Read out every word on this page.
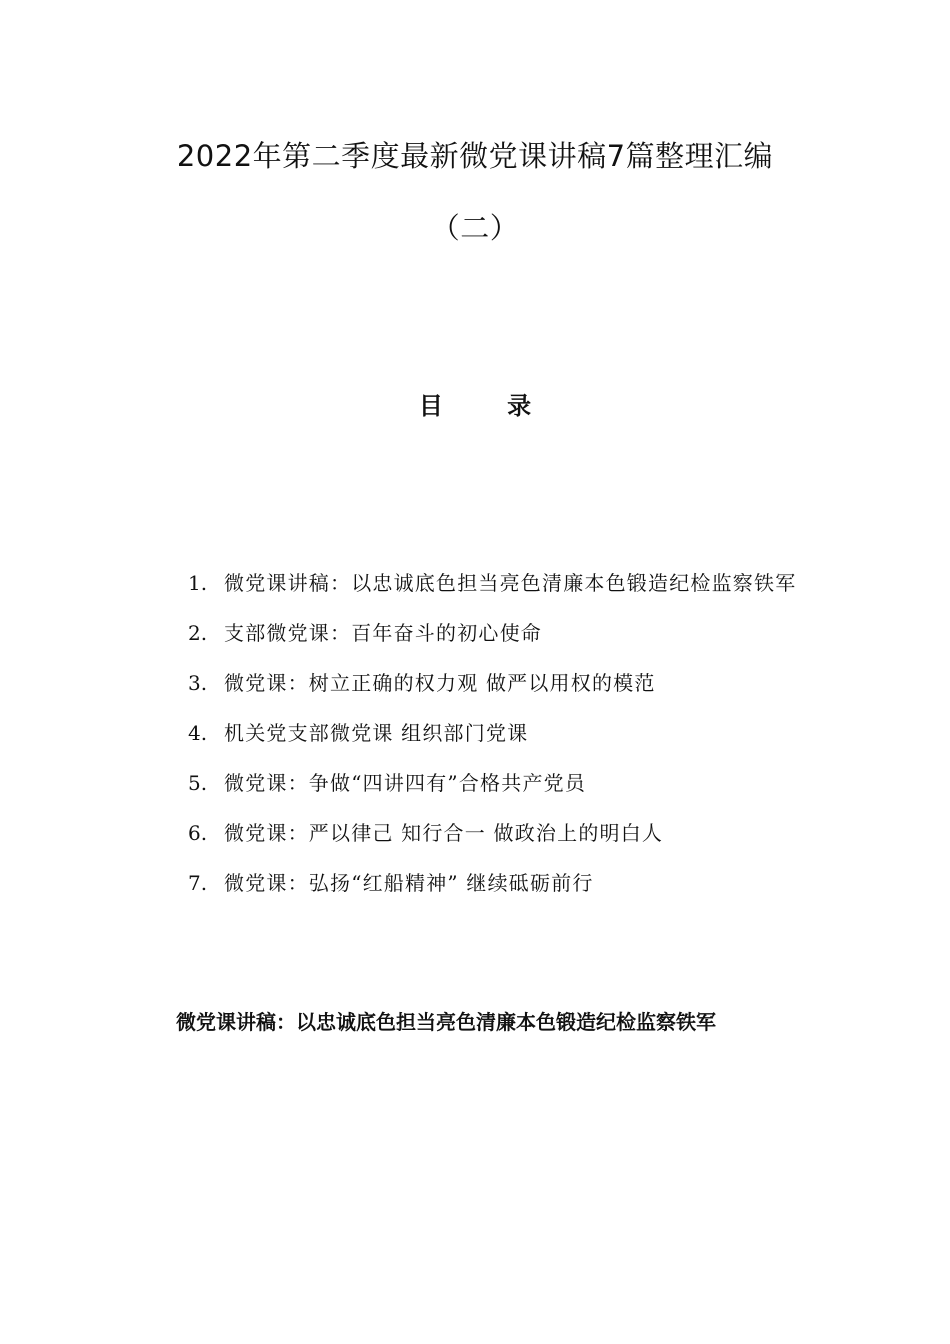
2022年第二季度最新微党课讲稿7篇整理汇编
（二）
目 录
1. 微党课讲稿：以忠诚底色担当亮色清廉本色锻造纪检监察铁军
2. 支部微党课：百年奋斗的初心使命
3. 微党课：树立正确的权力观 做严以用权的模范
4. 机关党支部微党课 组织部门党课
5. 微党课：争做“四讲四有”合格共产党员
6. 微党课：严以律己 知行合一 做政治上的明白人
7. 微党课：弘扬“红船精神” 继续砥砺前行
微党课讲稿：以忠诚底色担当亮色清廉本色锻造纪检监察铁军
